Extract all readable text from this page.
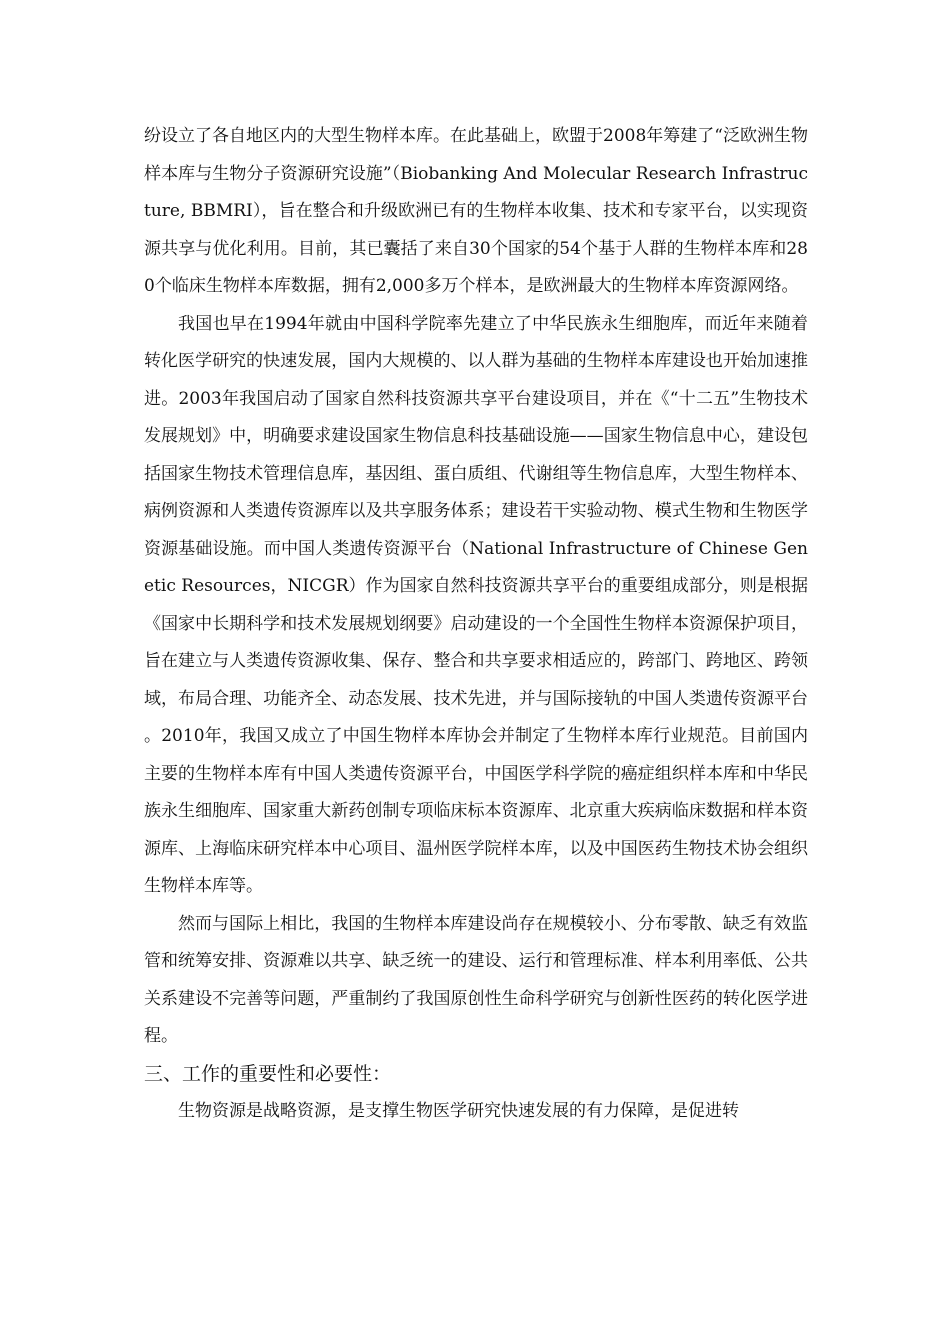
纷设立了各自地区内的大型生物样本库。在此基础上，欧盟于2008年筹建了“泛欧洲生物样本库与生物分子资源研究设施”（Biobanking And Molecular Research Infrastructure, BBMRI），旨在整合和升级欧洲已有的生物样本收集、技术和专家平台，以实现资源共享与优化利用。目前，其已囊括了来自30个国家的54个基于人群的生物样本库和280个临床生物样本库数据，拥有2,000多万个样本，是欧洲最大的生物样本库资源网络。

我国也早在1994年就由中国科学院率先建立了中华民族永生细胞库，而近年来随着转化医学研究的快速发展，国内大规模的、以人群为基础的生物样本库建设也开始加速推进。2003年我国启动了国家自然科技资源共享平台建设项目，并在《“十二五”生物技术发展规划》中，明确要求建设国家生物信息科技基础设施——国家生物信息中心，建设包括国家生物技术管理信息库，基因组、蛋白质组、代谢组等生物信息库，大型生物样本、病例资源和人类遗传资源库以及共享服务体系；建设若干实验动物、模式生物和生物医学资源基础设施。而中国人类遗传资源平台（National Infrastructure of Chinese Genetic Resources，NICGR）作为国家自然科技资源共享平台的重要组成部分，则是根据《国家中长期科学和技术发展规划纲要》启动建设的一个全国性生物样本资源保护项目，旨在建立与人类遗传资源收集、保存、整合和共享要求相适应的，跨部门、跨地区、跨领域，布局合理、功能齐全、动态发展、技术先进，并与国际接轨的中国人类遗传资源平台 。2010年，我国又成立了中国生物样本库协会并制定了生物样本库行业规范。目前国内主要的生物样本库有中国人类遗传资源平台，中国医学科学院的癌症组织样本库和中华民族永生细胞库、国家重大新药创制专项临床标本资源库、北京重大疾病临床数据和样本资源库、上海临床研究样本中心项目、温州医学院样本库，以及中国医药生物技术协会组织生物样本库等。

然而与国际上相比，我国的生物样本库建设尚存在规模较小、分布零散、缺乏有效监管和统筹安排、资源难以共享、缺乏统一的建设、运行和管理标准、样本利用率低、公共关系建设不完善等问题，严重制约了我国原创性生命科学研究与创新性医药的转化医学进程。

三、工作的重要性和必要性：

生物资源是战略资源，是支撑生物医学研究快速发展的有力保障，是促进转
